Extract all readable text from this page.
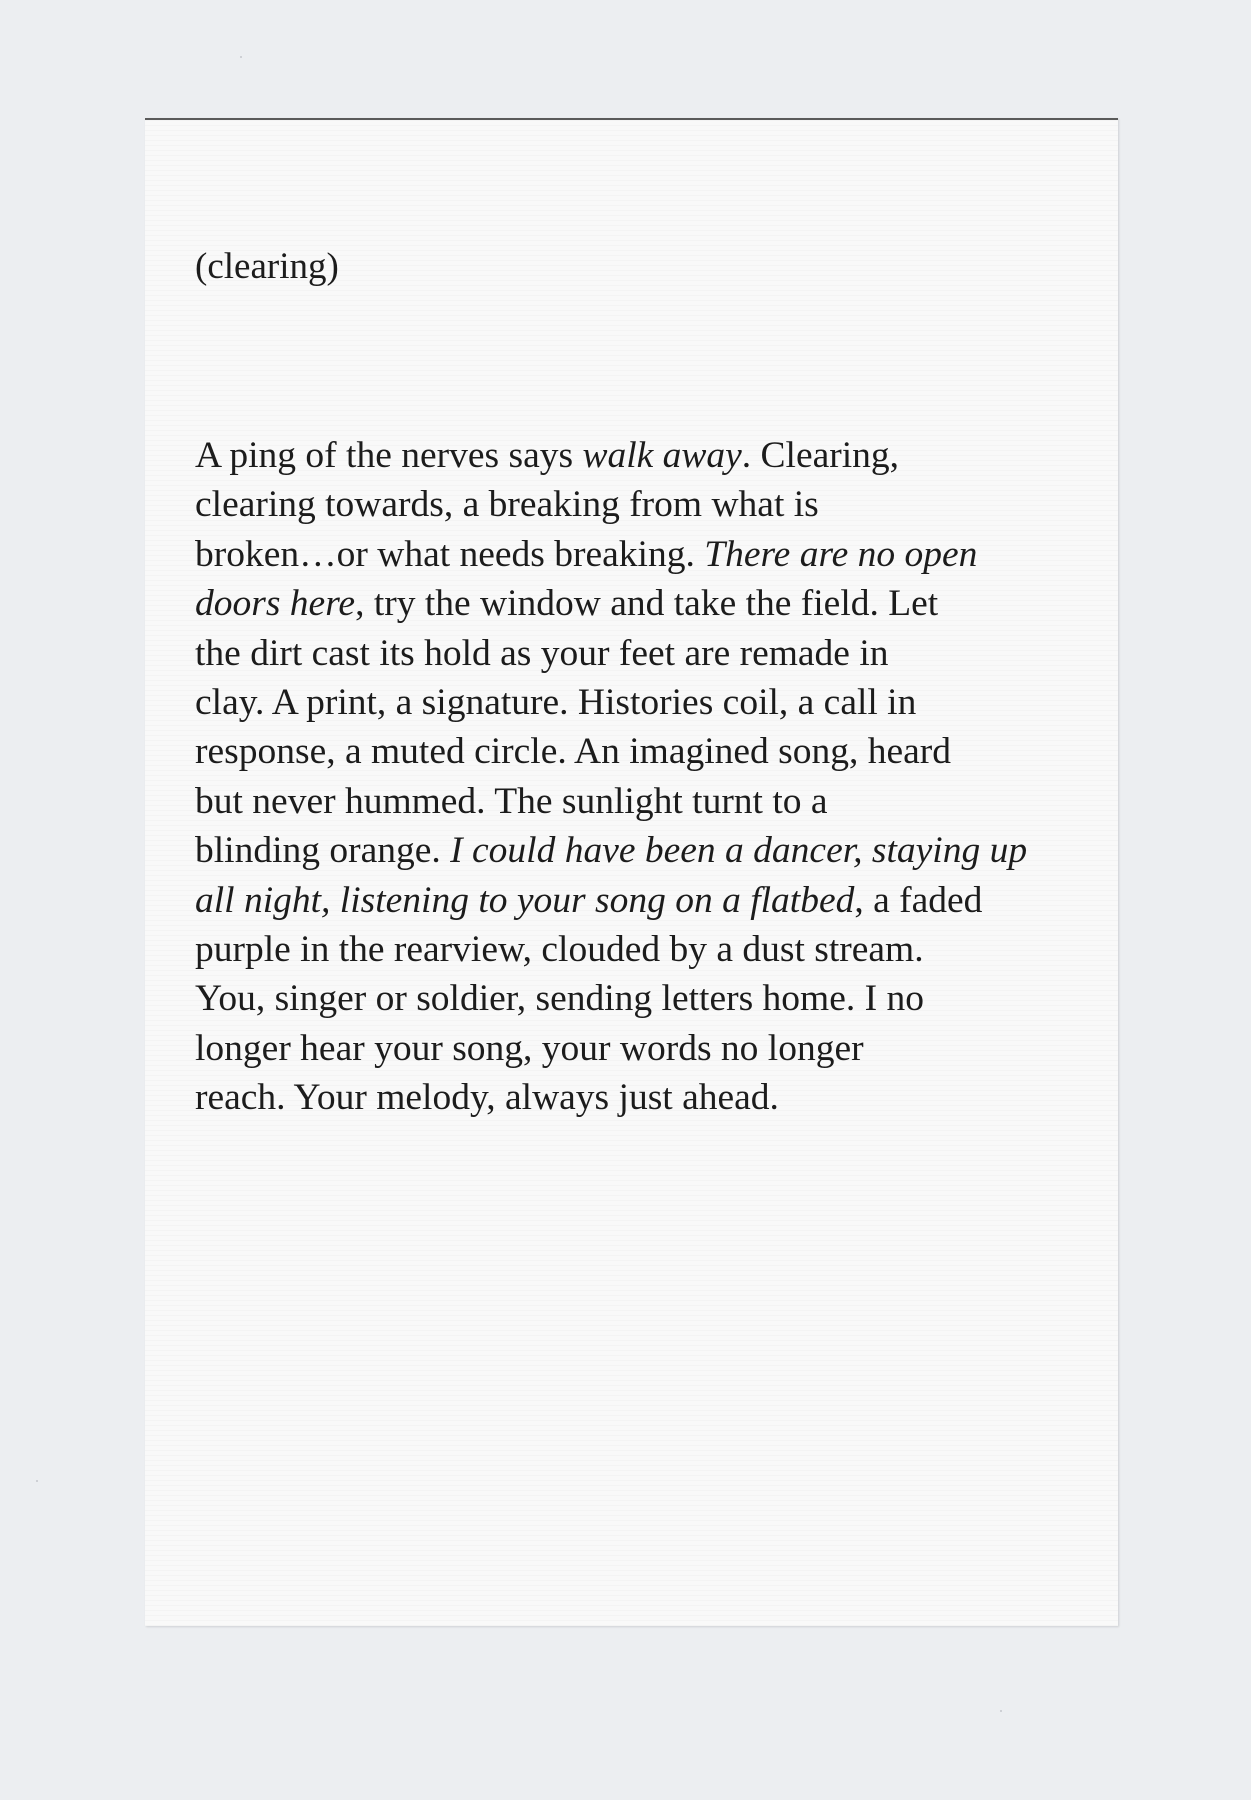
(clearing)
A ping of the nerves says walk away. Clearing,
clearing towards, a breaking from what is
broken…or what needs breaking. There are no open
doors here, try the window and take the field. Let
the dirt cast its hold as your feet are remade in
clay. A print, a signature. Histories coil, a call in
response, a muted circle. An imagined song, heard
but never hummed. The sunlight turnt to a
blinding orange. I could have been a dancer, staying up
all night, listening to your song on a flatbed, a faded
purple in the rearview, clouded by a dust stream.
You, singer or soldier, sending letters home. I no
longer hear your song, your words no longer
reach. Your melody, always just ahead.
